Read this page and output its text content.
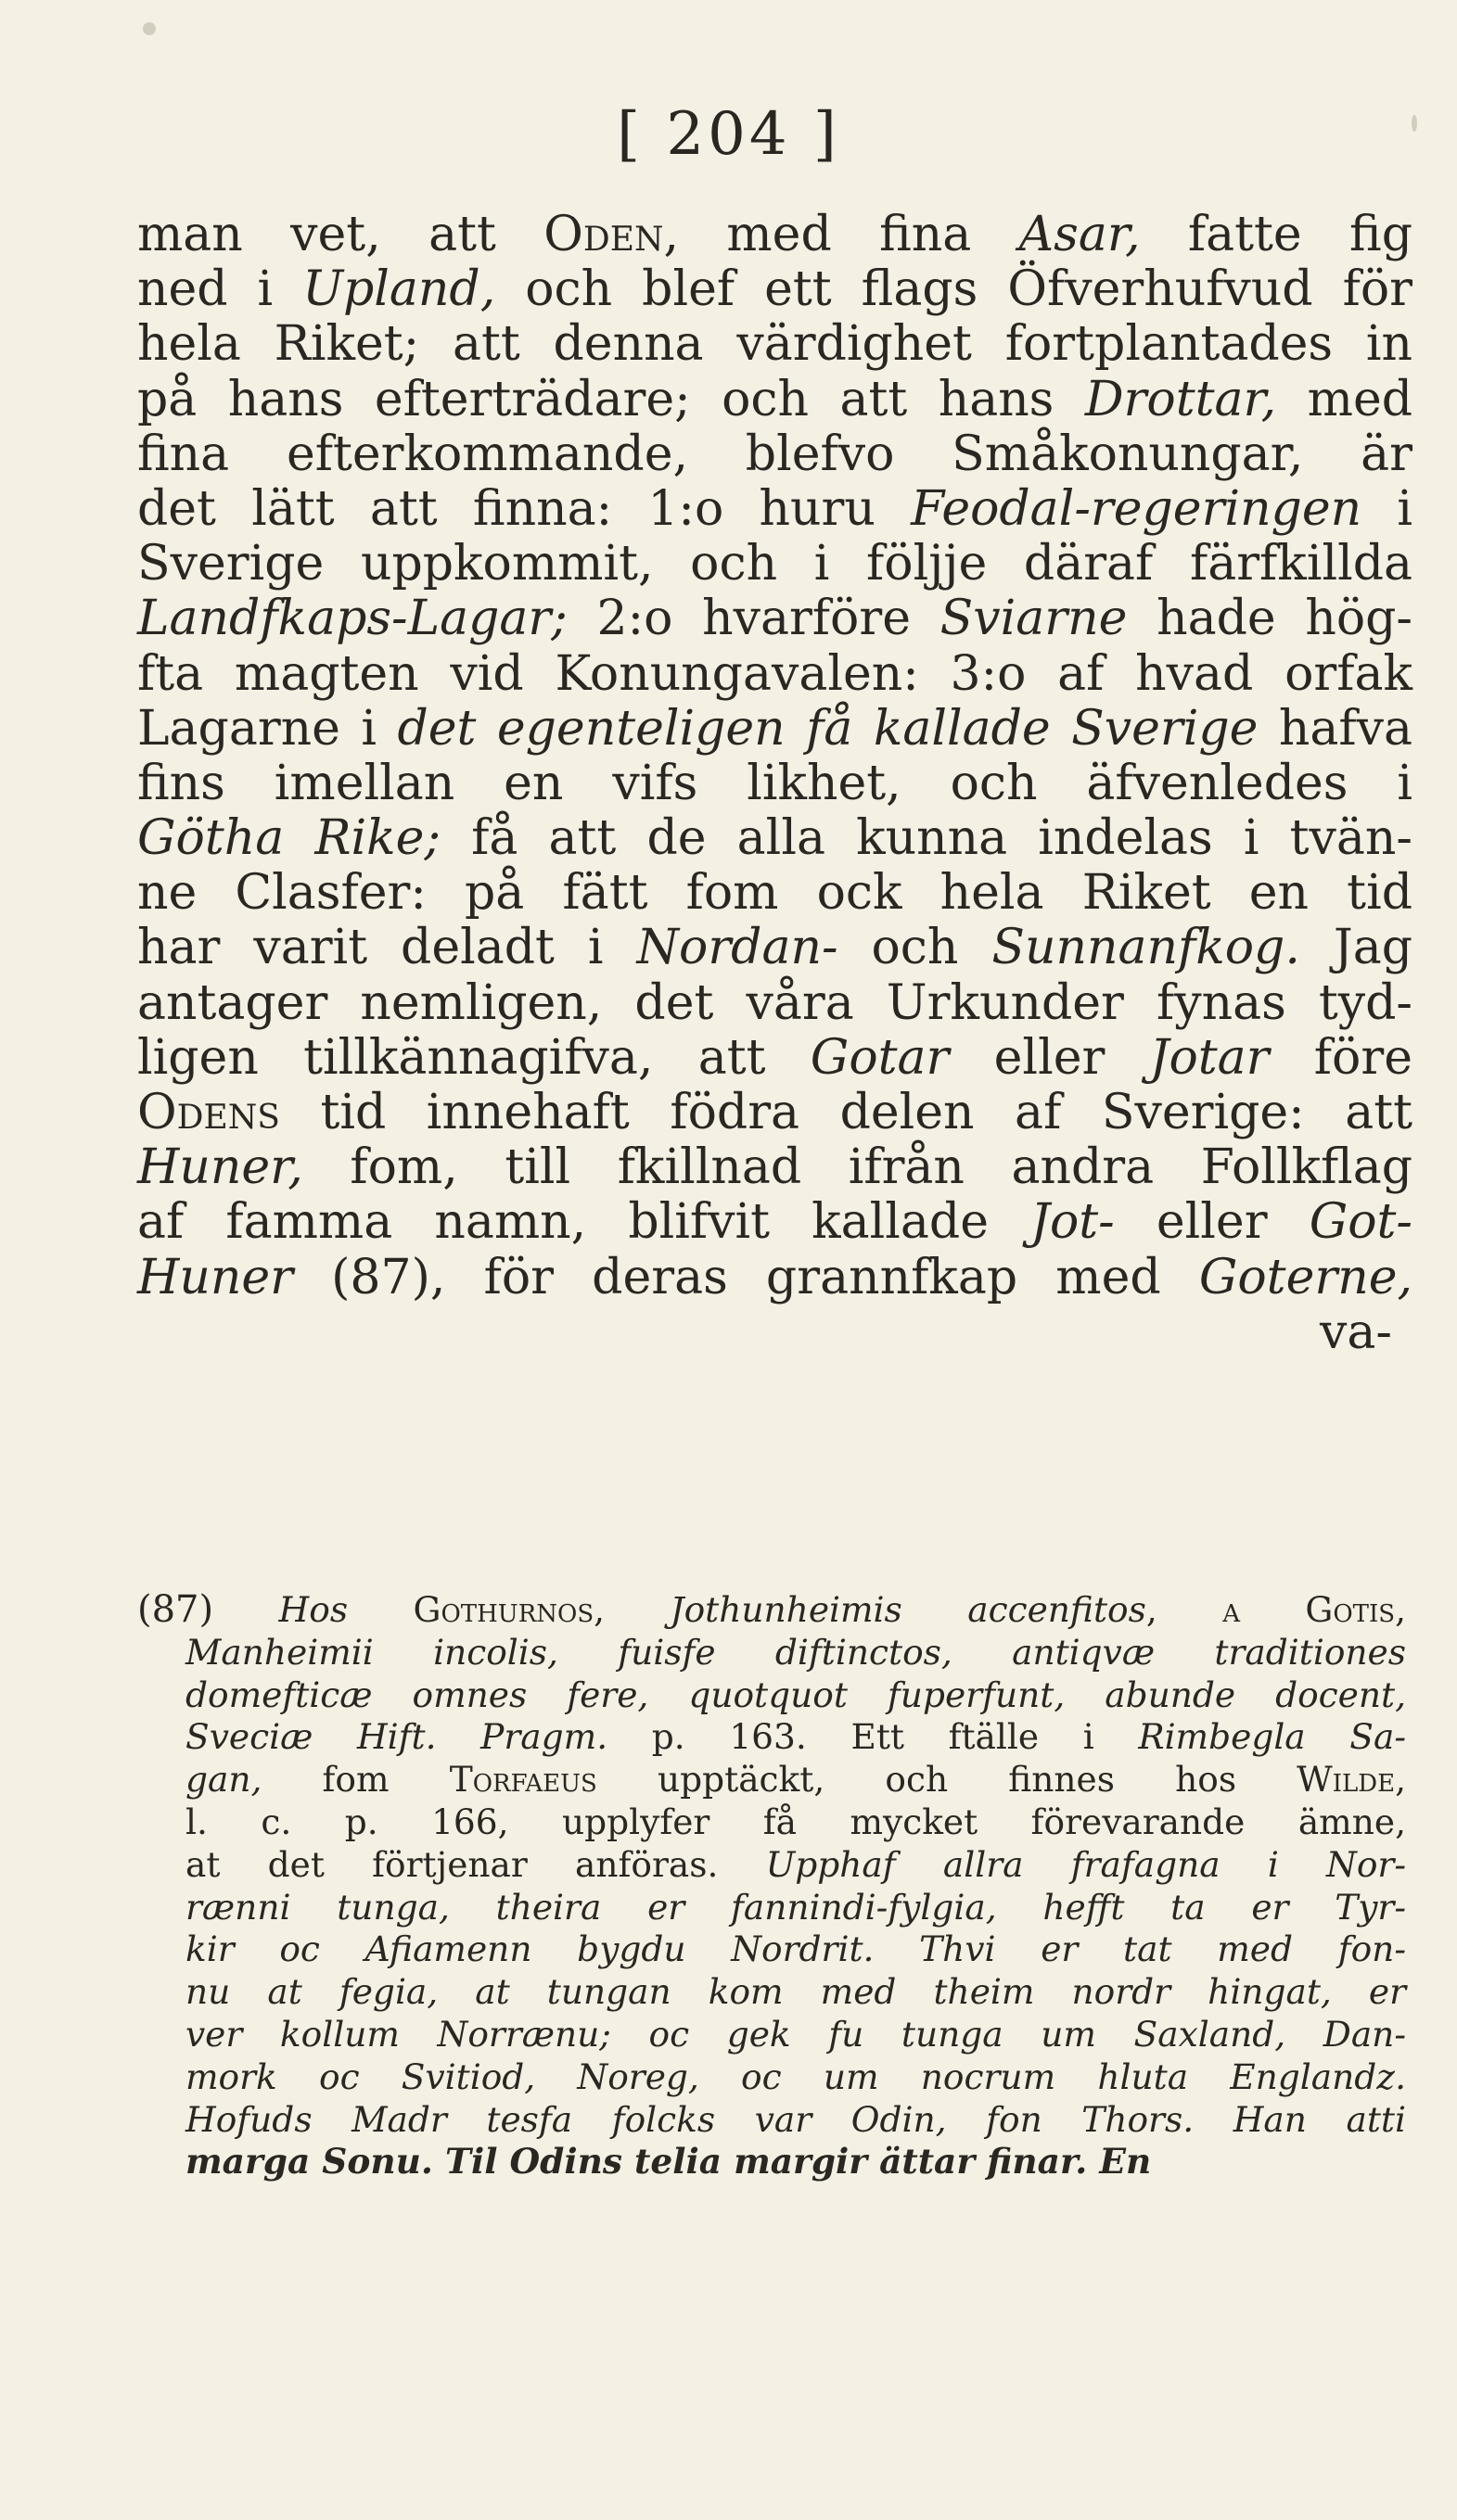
[ 204 ]
man vet, att Oden, med fina Asar, fatte fig
ned i Upland, och blef ett flags Öfverhufvud för
hela Riket; att denna värdighet fortplantades in
på hans efterträdare; och att hans Drottar, med
fina efterkommande, blefvo Småkonungar, är
det lätt att finna: 1:o huru Feodal-regeringen i
Sverige uppkommit, och i följje däraf färfkillda
Landfkaps-Lagar; 2:o hvarföre Sviarne hade hög-
fta magten vid Konungavalen: 3:o af hvad orfak
Lagarne i det egenteligen få kallade Sverige hafva
fins imellan en vifs likhet, och äfvenledes i
Götha Rike; få att de alla kunna indelas i tvän-
ne Clasfer: på fätt fom ock hela Riket en tid
har varit deladt i Nordan- och Sunnanfkog. Jag
antager nemligen, det våra Urkunder fynas tyd-
ligen tillkännagifva, att Gotar eller Jotar före
Odens tid innehaft födra delen af Sverige: att
Huner, fom, till fkillnad ifrån andra Follkflag
af famma namn, blifvit kallade Jot- eller Got-
Huner (87), för deras grannfkap med Goterne,
va-
(87) Hos Gothurnos, Jothunheimis accenfitos, a Gotis,
Manheimii incolis, fuisfe diftinctos, antiqvæ traditiones
domefticæ omnes fere, quotquot fuperfunt, abunde docent,
Sveciæ Hift. Pragm. p. 163. Ett ftälle i Rimbegla Sa-
gan, fom Torfaeus upptäckt, och finnes hos Wilde,
l. c. p. 166, upplyfer få mycket förevarande ämne,
at det förtjenar anföras. Upphaf allra frafagna i Nor-
rænni tunga, theira er fannindi-fylgia, hefft ta er Tyr-
kir oc Afiamenn bygdu Nordrit. Thvi er tat med fon-
nu at fegia, at tungan kom med theim nordr hingat, er
ver kollum Norrænu; oc gek fu tunga um Saxland, Dan-
mork oc Svitiod, Noreg, oc um nocrum hluta Englandz.
Hofuds Madr tesfa folcks var Odin, fon Thors. Han atti
marga Sonu. Til Odins telia margir ättar finar. En
